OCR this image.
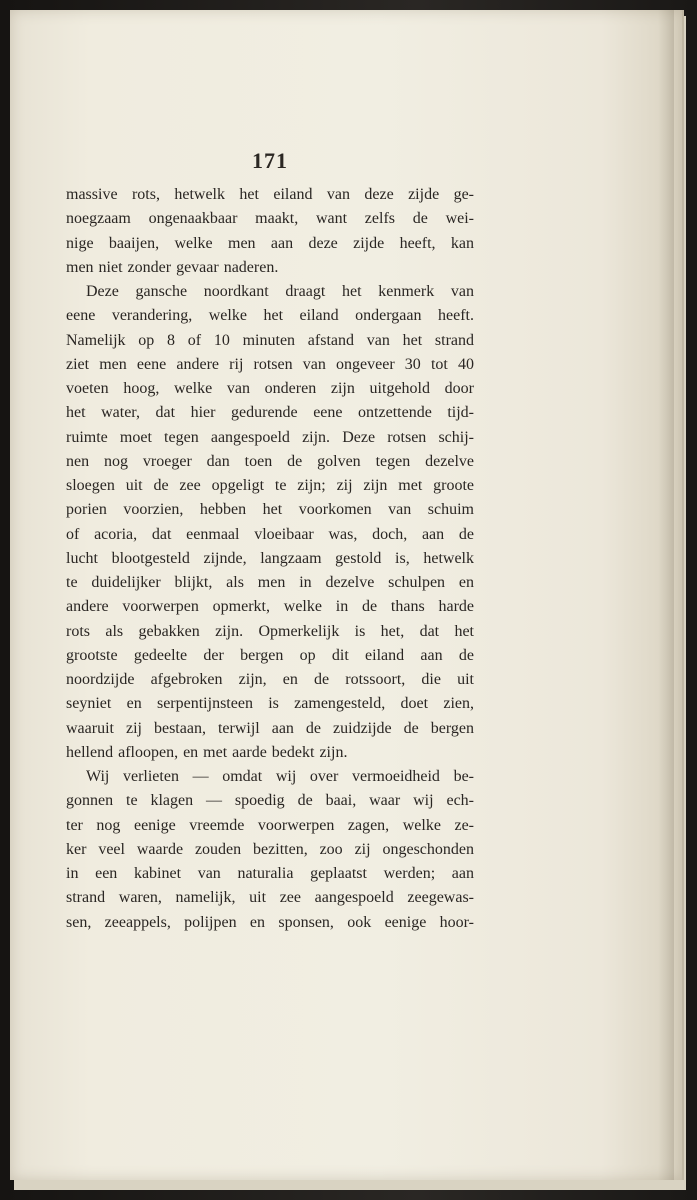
171
massive rots, hetwelk het eiland van deze zijde ge-
noegzaam ongenaakbaar maakt, want zelfs de wei-
nige baaijen, welke men aan deze zijde heeft, kan
men niet zonder gevaar naderen.
Deze gansche noordkant draagt het kenmerk van
eene verandering, welke het eiland ondergaan heeft.
Namelijk op 8 of 10 minuten afstand van het strand
ziet men eene andere rij rotsen van ongeveer 30 tot 40
voeten hoog, welke van onderen zijn uitgehold door
het water, dat hier gedurende eene ontzettende tijd-
ruimte moet tegen aangespoeld zijn. Deze rotsen schij-
nen nog vroeger dan toen de golven tegen dezelve
sloegen uit de zee opgeligt te zijn; zij zijn met groote
porien voorzien, hebben het voorkomen van schuim
of acoria, dat eenmaal vloeibaar was, doch, aan de
lucht blootgesteld zijnde, langzaam gestold is, hetwelk
te duidelijker blijkt, als men in dezelve schulpen en
andere voorwerpen opmerkt, welke in de thans harde
rots als gebakken zijn. Opmerkelijk is het, dat het
grootste gedeelte der bergen op dit eiland aan de
noordzijde afgebroken zijn, en de rotssoort, die uit
seyniet en serpentijnsteen is zamengesteld, doet zien,
waaruit zij bestaan, terwijl aan de zuidzijde de bergen
hellend afloopen, en met aarde bedekt zijn.
Wij verlieten — omdat wij over vermoeidheid be-
gonnen te klagen — spoedig de baai, waar wij ech-
ter nog eenige vreemde voorwerpen zagen, welke ze-
ker veel waarde zouden bezitten, zoo zij ongeschonden
in een kabinet van naturalia geplaatst werden; aan
strand waren, namelijk, uit zee aangespoeld zeegewas-
sen, zeeappels, polijpen en sponsen, ook eenige hoor-
